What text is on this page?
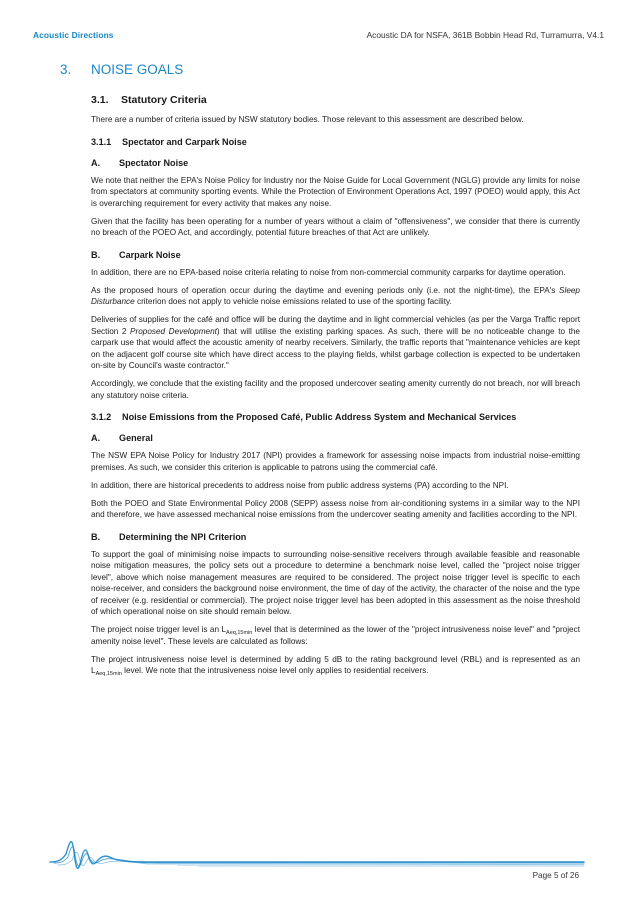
Acoustic Directions	Acoustic DA for NSFA, 361B Bobbin Head Rd, Turramurra, V4.1
3. NOISE GOALS
3.1. Statutory Criteria

There are a number of criteria issued by NSW statutory bodies. Those relevant to this assessment are described below.

3.1.1 Spectator and Carpark Noise
A. Spectator Noise

We note that neither the EPA's Noise Policy for Industry nor the Noise Guide for Local Government (NGLG) provide any limits for noise from spectators at community sporting events. While the Protection of Environment Operations Act, 1997 (POEO) would apply, this Act is overarching requirement for every activity that makes any noise.

Given that the facility has been operating for a number of years without a claim of "offensiveness", we consider that there is currently no breach of the POEO Act, and accordingly, potential future breaches of that Act are unlikely.

B. Carpark Noise

In addition, there are no EPA-based noise criteria relating to noise from non-commercial community carparks for daytime operation.

As the proposed hours of operation occur during the daytime and evening periods only (i.e. not the night-time), the EPA's Sleep Disturbance criterion does not apply to vehicle noise emissions related to use of the sporting facility.

Deliveries of supplies for the café and office will be during the daytime and in light commercial vehicles (as per the Varga Traffic report Section 2 Proposed Development) that will utilise the existing parking spaces. As such, there will be no noticeable change to the carpark use that would affect the acoustic amenity of nearby receivers. Similarly, the traffic reports that "maintenance vehicles are kept on the adjacent golf course site which have direct access to the playing fields, whilst garbage collection is expected to be undertaken on-site by Council's waste contractor."

Accordingly, we conclude that the existing facility and the proposed undercover seating amenity currently do not breach, nor will breach any statutory noise criteria.

3.1.2 Noise Emissions from the Proposed Café, Public Address System and Mechanical Services
A. General

The NSW EPA Noise Policy for Industry 2017 (NPI) provides a framework for assessing noise impacts from industrial noise-emitting premises. As such, we consider this criterion is applicable to patrons using the commercial café.

In addition, there are historical precedents to address noise from public address systems (PA) according to the NPI.

Both the POEO and State Environmental Policy 2008 (SEPP) assess noise from air-conditioning systems in a similar way to the NPI and therefore, we have assessed mechanical noise emissions from the undercover seating amenity and facilities according to the NPI.

B. Determining the NPI Criterion

To support the goal of minimising noise impacts to surrounding noise-sensitive receivers through available feasible and reasonable noise mitigation measures, the policy sets out a procedure to determine a benchmark noise level, called the "project noise trigger level", above which noise management measures are required to be considered. The project noise trigger level is specific to each noise-receiver, and considers the background noise environment, the time of day of the activity, the character of the noise and the type of receiver (e.g. residential or commercial). The project noise trigger level has been adopted in this assessment as the noise threshold of which operational noise on site should remain below.

The project noise trigger level is an $L_{Aeq,15min}$ level that is determined as the lower of the "project intrusiveness noise level" and "project amenity noise level". These levels are calculated as follows:

The project intrusiveness noise level is determined by adding 5 dB to the rating background level (RBL) and is represented as an $L_{Aeq,15min}$ level. We note that the intrusiveness noise level only applies to residential receivers.

Page 5 of 26
